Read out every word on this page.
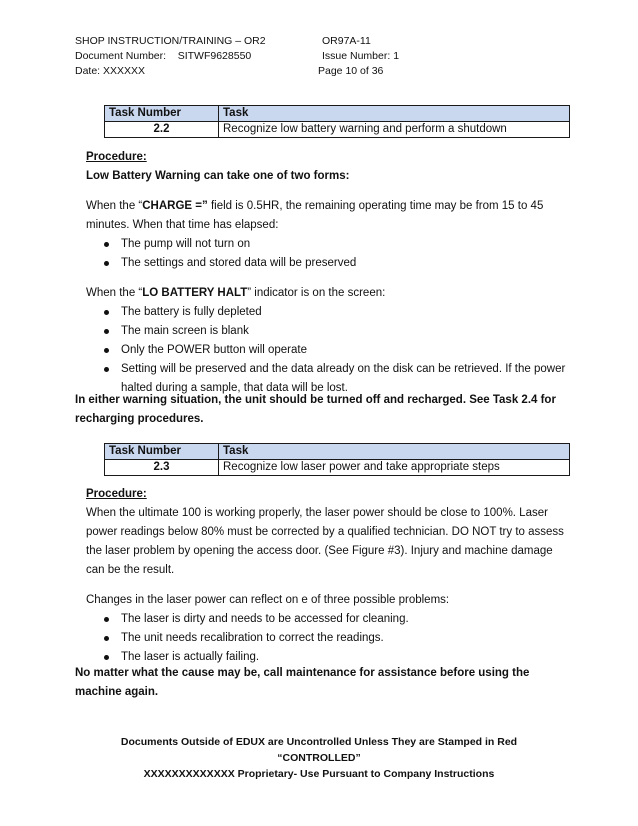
SHOP INSTRUCTION/TRAINING – OR2
Document Number: SITWF9628550
Date: XXXXXX
OR97A-11
Issue Number: 1
Page 10 of 36
Task Number	Task
2.2	Recognize low battery warning and perform a shutdown
Procedure:
Low Battery Warning can take one of two forms:
When the “CHARGE =” field is 0.5HR, the remaining operating time may be from 15 to 45 minutes. When that time has elapsed:
The pump will not turn on
The settings and stored data will be preserved
When the “LO BATTERY HALT” indicator is on the screen:
The battery is fully depleted
The main screen is blank
Only the POWER button will operate
Setting will be preserved and the data already on the disk can be retrieved. If the power halted during a sample, that data will be lost.
In either warning situation, the unit should be turned off and recharged. See Task 2.4 for recharging procedures.
Task Number	Task
2.3	Recognize low laser power and take appropriate steps
Procedure:
When the ultimate 100 is working properly, the laser power should be close to 100%. Laser power readings below 80% must be corrected by a qualified technician. DO NOT try to assess the laser problem by opening the access door. (See Figure #3). Injury and machine damage can be the result.
Changes in the laser power can reflect on e of three possible problems:
The laser is dirty and needs to be accessed for cleaning.
The unit needs recalibration to correct the readings.
The laser is actually failing.
No matter what the cause may be, call maintenance for assistance before using the machine again.
Documents Outside of EDUX are Uncontrolled Unless They are Stamped in Red
“CONTROLLED”
XXXXXXXXXXXXX Proprietary- Use Pursuant to Company Instructions
